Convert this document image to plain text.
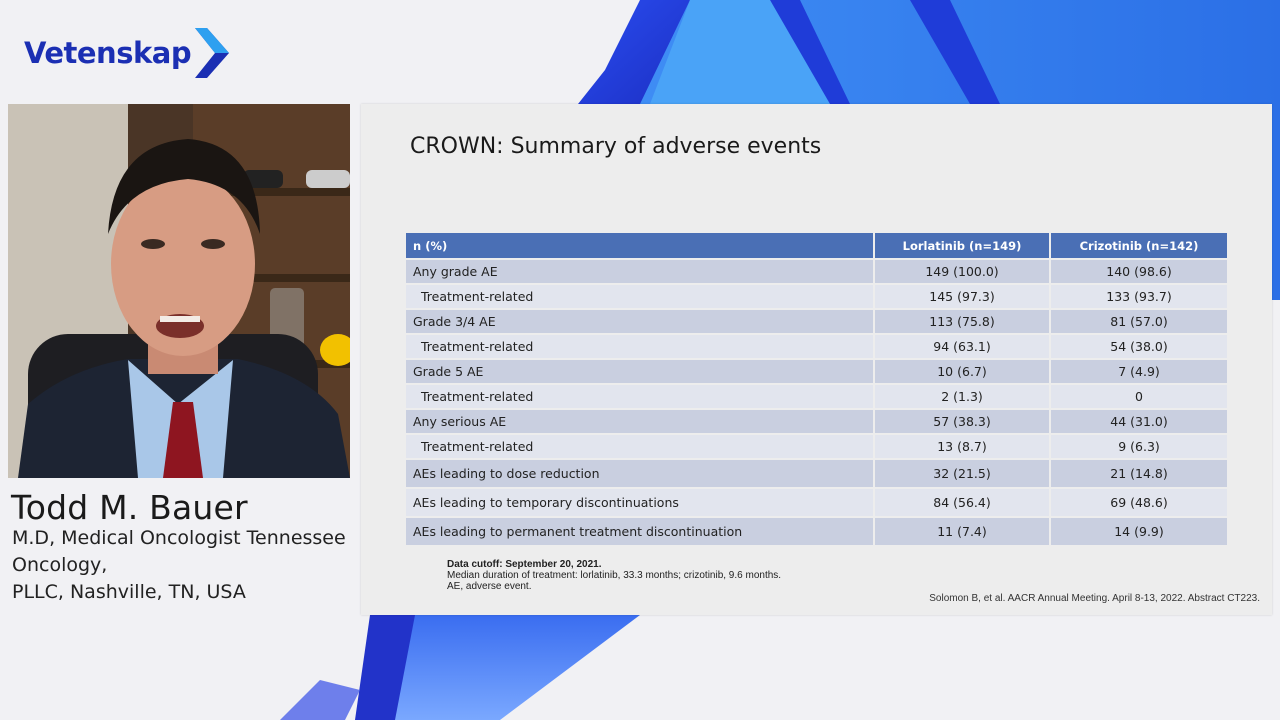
Vetenskap
Todd M. Bauer
M.D, Medical Oncologist Tennessee
Oncology,
PLLC, Nashville, TN, USA
CROWN: Summary of adverse events
n (%)	Lorlatinib (n=149)	Crizotinib (n=142)
Any grade AE	149 (100.0)	140 (98.6)
Treatment-related	145 (97.3)	133 (93.7)
Grade 3/4 AE	113 (75.8)	81 (57.0)
Treatment-related	94 (63.1)	54 (38.0)
Grade 5 AE	10 (6.7)	7 (4.9)
Treatment-related	2 (1.3)	0
Any serious AE	57 (38.3)	44 (31.0)
Treatment-related	13 (8.7)	9 (6.3)
AEs leading to dose reduction	32 (21.5)	21 (14.8)
AEs leading to temporary discontinuations	84 (56.4)	69 (48.6)
AEs leading to permanent treatment discontinuation	11 (7.4)	14 (9.9)
Data cutoff: September 20, 2021.
Median duration of treatment: lorlatinib, 33.3 months; crizotinib, 9.6 months.
AE, adverse event.
Solomon B, et al. AACR Annual Meeting. April 8-13, 2022. Abstract CT223.
